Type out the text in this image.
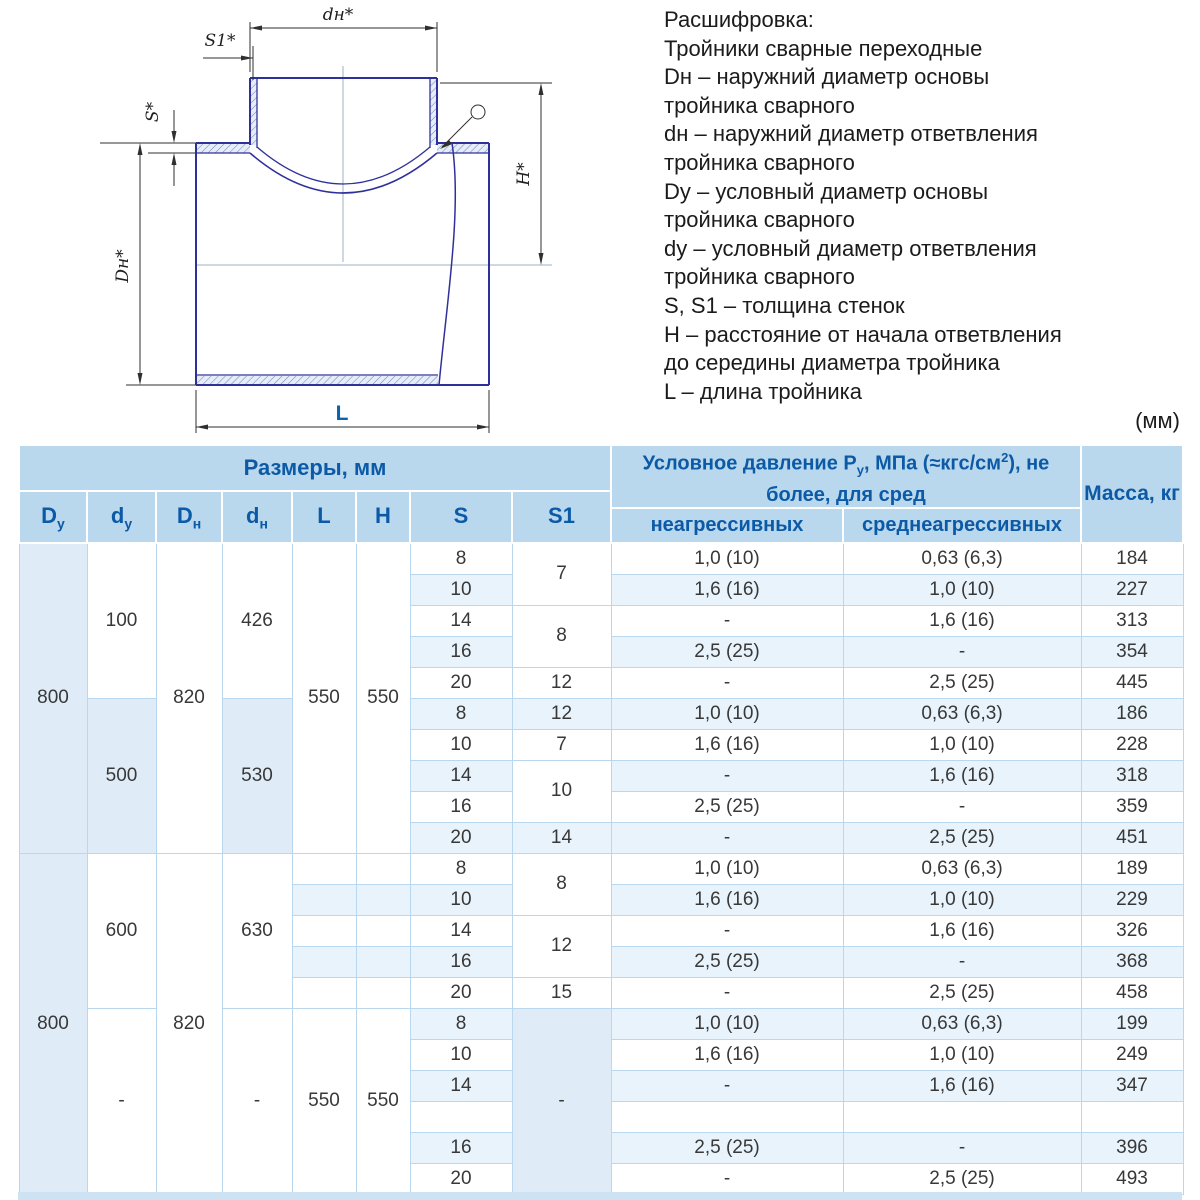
dн*
S1*
S*
Dн*
H*
L
Расшифровка:
Тройники сварные переходные
Dн – наружний диаметр основы
тройника сварного
dн – наружний диаметр ответвления
тройника сварного
Dy – условный диаметр основы
тройника сварного
dy – условный диаметр ответвления
тройника сварного
S, S1 – толщина стенок
H – расстояние от начала ответвления
до середины диаметра тройника
L – длина тройника
(мм)
Размеры, мм								Условное давление $P_у$, МПа $(\approx кгс/см^2)$, не более, для сред		Масса, кг
$D_у$	$d_у$	$D_н$	$d_н$	L	H	S	S1			
								неагрессивных	среднеагрессивных	
800	100	820	426	550	550	8	7	1,0 (10)	0,63 (6,3)	184
						10		1,6 (16)	1,0 (10)	227
						14	8	-	1,6 (16)	313
						16		2,5 (25)	-	354
						20	12	-	2,5 (25)	445
	500		530			8	12	1,0 (10)	0,63 (6,3)	186
						10	7	1,6 (16)	1,0 (10)	228
						14	10	-	1,6 (16)	318
						16		2,5 (25)	-	359
						20	14	-	2,5 (25)	451
800	600	820	630			8	8	1,0 (10)	0,63 (6,3)	189
						10		1,6 (16)	1,0 (10)	229
						14	12	-	1,6 (16)	326
						16		2,5 (25)	-	368
						20	15	-	2,5 (25)	458
	-		-	550	550	8	-	1,0 (10)	0,63 (6,3)	199
						10		1,6 (16)	1,0 (10)	249
						14		-	1,6 (16)	347

						16		2,5 (25)	-	396
						20		-	2,5 (25)	493
